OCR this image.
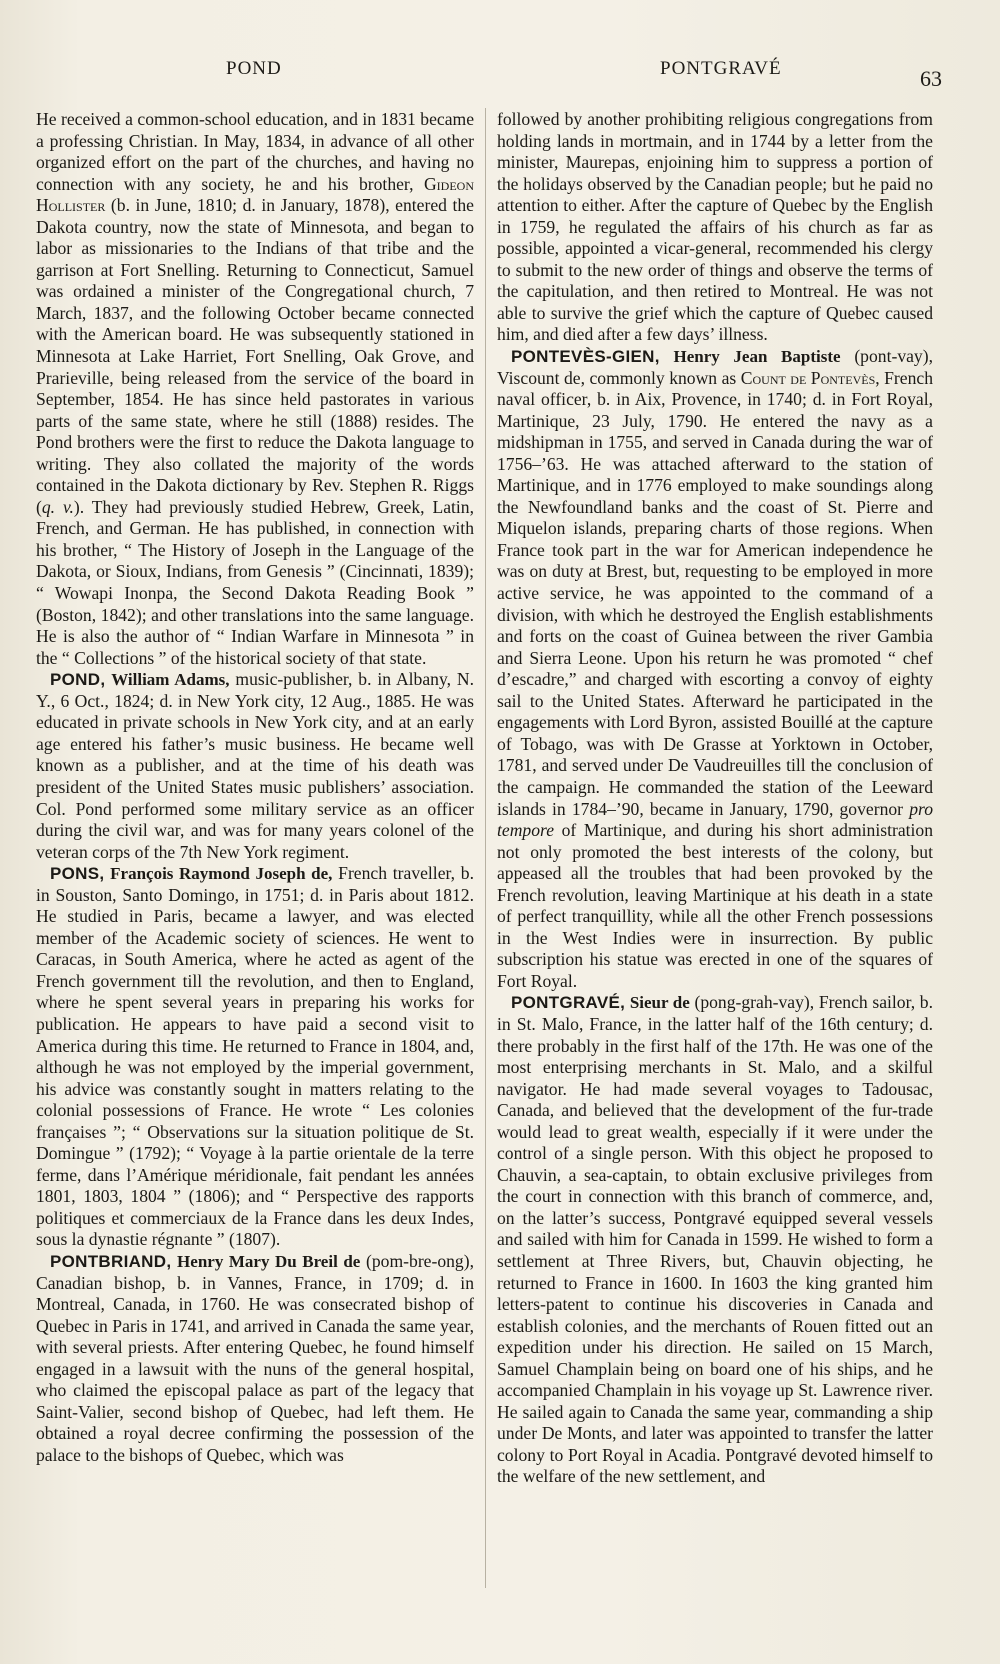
POND	PONTGRAVÉ	63

He received a common-school education, and in 1831 became a professing Christian. In May, 1834, in advance of all other organized effort on the part of the churches, and having no connection with any society, he and his brother, Gideon Hollister (b. in June, 1810; d. in January, 1878), entered the Dakota country, now the state of Minnesota, and began to labor as missionaries to the Indians of that tribe and the garrison at Fort Snelling. Returning to Connecticut, Samuel was ordained a minister of the Congregational church, 7 March, 1837, and the following October became connected with the American board. He was subsequently stationed in Minnesota at Lake Harriet, Fort Snelling, Oak Grove, and Prarieville, being released from the service of the board in September, 1854. He has since held pastorates in various parts of the same state, where he still (1888) resides. The Pond brothers were the first to reduce the Dakota language to writing. They also collated the majority of the words contained in the Dakota dictionary by Rev. Stephen R. Riggs (q. v.). They had previously studied Hebrew, Greek, Latin, French, and German. He has published, in connection with his brother, “ The History of Joseph in the Language of the Dakota, or Sioux, Indians, from Genesis ” (Cincinnati, 1839); “ Wowapi Inonpa, the Second Dakota Reading Book ” (Boston, 1842); and other translations into the same language. He is also the author of “ Indian Warfare in Minnesota ” in the “ Collections ” of the historical society of that state.

POND, William Adams, music-publisher, b. in Albany, N. Y., 6 Oct., 1824; d. in New York city, 12 Aug., 1885. He was educated in private schools in New York city, and at an early age entered his father’s music business. He became well known as a publisher, and at the time of his death was president of the United States music publishers’ association. Col. Pond performed some military service as an officer during the civil war, and was for many years colonel of the veteran corps of the 7th New York regiment.

PONS, François Raymond Joseph de, French traveller, b. in Souston, Santo Domingo, in 1751; d. in Paris about 1812. He studied in Paris, became a lawyer, and was elected member of the Academic society of sciences. He went to Caracas, in South America, where he acted as agent of the French government till the revolution, and then to England, where he spent several years in preparing his works for publication. He appears to have paid a second visit to America during this time. He returned to France in 1804, and, although he was not employed by the imperial government, his advice was constantly sought in matters relating to the colonial possessions of France. He wrote “ Les colonies françaises ”; “ Observations sur la situation politique de St. Domingue ” (1792); “ Voyage à la partie orientale de la terre ferme, dans l’Amérique méridionale, fait pendant les années 1801, 1803, 1804 ” (1806); and “ Perspective des rapports politiques et commerciaux de la France dans les deux Indes, sous la dynastie régnante ” (1807).

PONTBRIAND, Henry Mary Du Breil de (pom-bre-ong), Canadian bishop, b. in Vannes, France, in 1709; d. in Montreal, Canada, in 1760. He was consecrated bishop of Quebec in Paris in 1741, and arrived in Canada the same year, with several priests. After entering Quebec, he found himself engaged in a lawsuit with the nuns of the general hospital, who claimed the episcopal palace as part of the legacy that Saint-Valier, second bishop of Quebec, had left them. He obtained a royal decree confirming the possession of the palace to the bishops of Quebec, which was

followed by another prohibiting religious congregations from holding lands in mortmain, and in 1744 by a letter from the minister, Maurepas, enjoining him to suppress a portion of the holidays observed by the Canadian people; but he paid no attention to either. After the capture of Quebec by the English in 1759, he regulated the affairs of his church as far as possible, appointed a vicar-general, recommended his clergy to submit to the new order of things and observe the terms of the capitulation, and then retired to Montreal. He was not able to survive the grief which the capture of Quebec caused him, and died after a few days’ illness.

PONTEVÈS-GIEN, Henry Jean Baptiste (pont-vay), Viscount de, commonly known as Count de Pontevès, French naval officer, b. in Aix, Provence, in 1740; d. in Fort Royal, Martinique, 23 July, 1790. He entered the navy as a midshipman in 1755, and served in Canada during the war of 1756–’63. He was attached afterward to the station of Martinique, and in 1776 employed to make soundings along the Newfoundland banks and the coast of St. Pierre and Miquelon islands, preparing charts of those regions. When France took part in the war for American independence he was on duty at Brest, but, requesting to be employed in more active service, he was appointed to the command of a division, with which he destroyed the English establishments and forts on the coast of Guinea between the river Gambia and Sierra Leone. Upon his return he was promoted “ chef d’escadre,” and charged with escorting a convoy of eighty sail to the United States. Afterward he participated in the engagements with Lord Byron, assisted Bouillé at the capture of Tobago, was with De Grasse at Yorktown in October, 1781, and served under De Vaudreuilles till the conclusion of the campaign. He commanded the station of the Leeward islands in 1784–’90, became in January, 1790, governor pro tempore of Martinique, and during his short administration not only promoted the best interests of the colony, but appeased all the troubles that had been provoked by the French revolution, leaving Martinique at his death in a state of perfect tranquillity, while all the other French possessions in the West Indies were in insurrection. By public subscription his statue was erected in one of the squares of Fort Royal.

PONTGRAVÉ, Sieur de (pong-grah-vay), French sailor, b. in St. Malo, France, in the latter half of the 16th century; d. there probably in the first half of the 17th. He was one of the most enterprising merchants in St. Malo, and a skilful navigator. He had made several voyages to Tadousac, Canada, and believed that the development of the fur-trade would lead to great wealth, especially if it were under the control of a single person. With this object he proposed to Chauvin, a sea-captain, to obtain exclusive privileges from the court in connection with this branch of commerce, and, on the latter’s success, Pontgravé equipped several vessels and sailed with him for Canada in 1599. He wished to form a settlement at Three Rivers, but, Chauvin objecting, he returned to France in 1600. In 1603 the king granted him letters-patent to continue his discoveries in Canada and establish colonies, and the merchants of Rouen fitted out an expedition under his direction. He sailed on 15 March, Samuel Champlain being on board one of his ships, and he accompanied Champlain in his voyage up St. Lawrence river. He sailed again to Canada the same year, commanding a ship under De Monts, and later was appointed to transfer the latter colony to Port Royal in Acadia. Pontgravé devoted himself to the welfare of the new settlement, and
